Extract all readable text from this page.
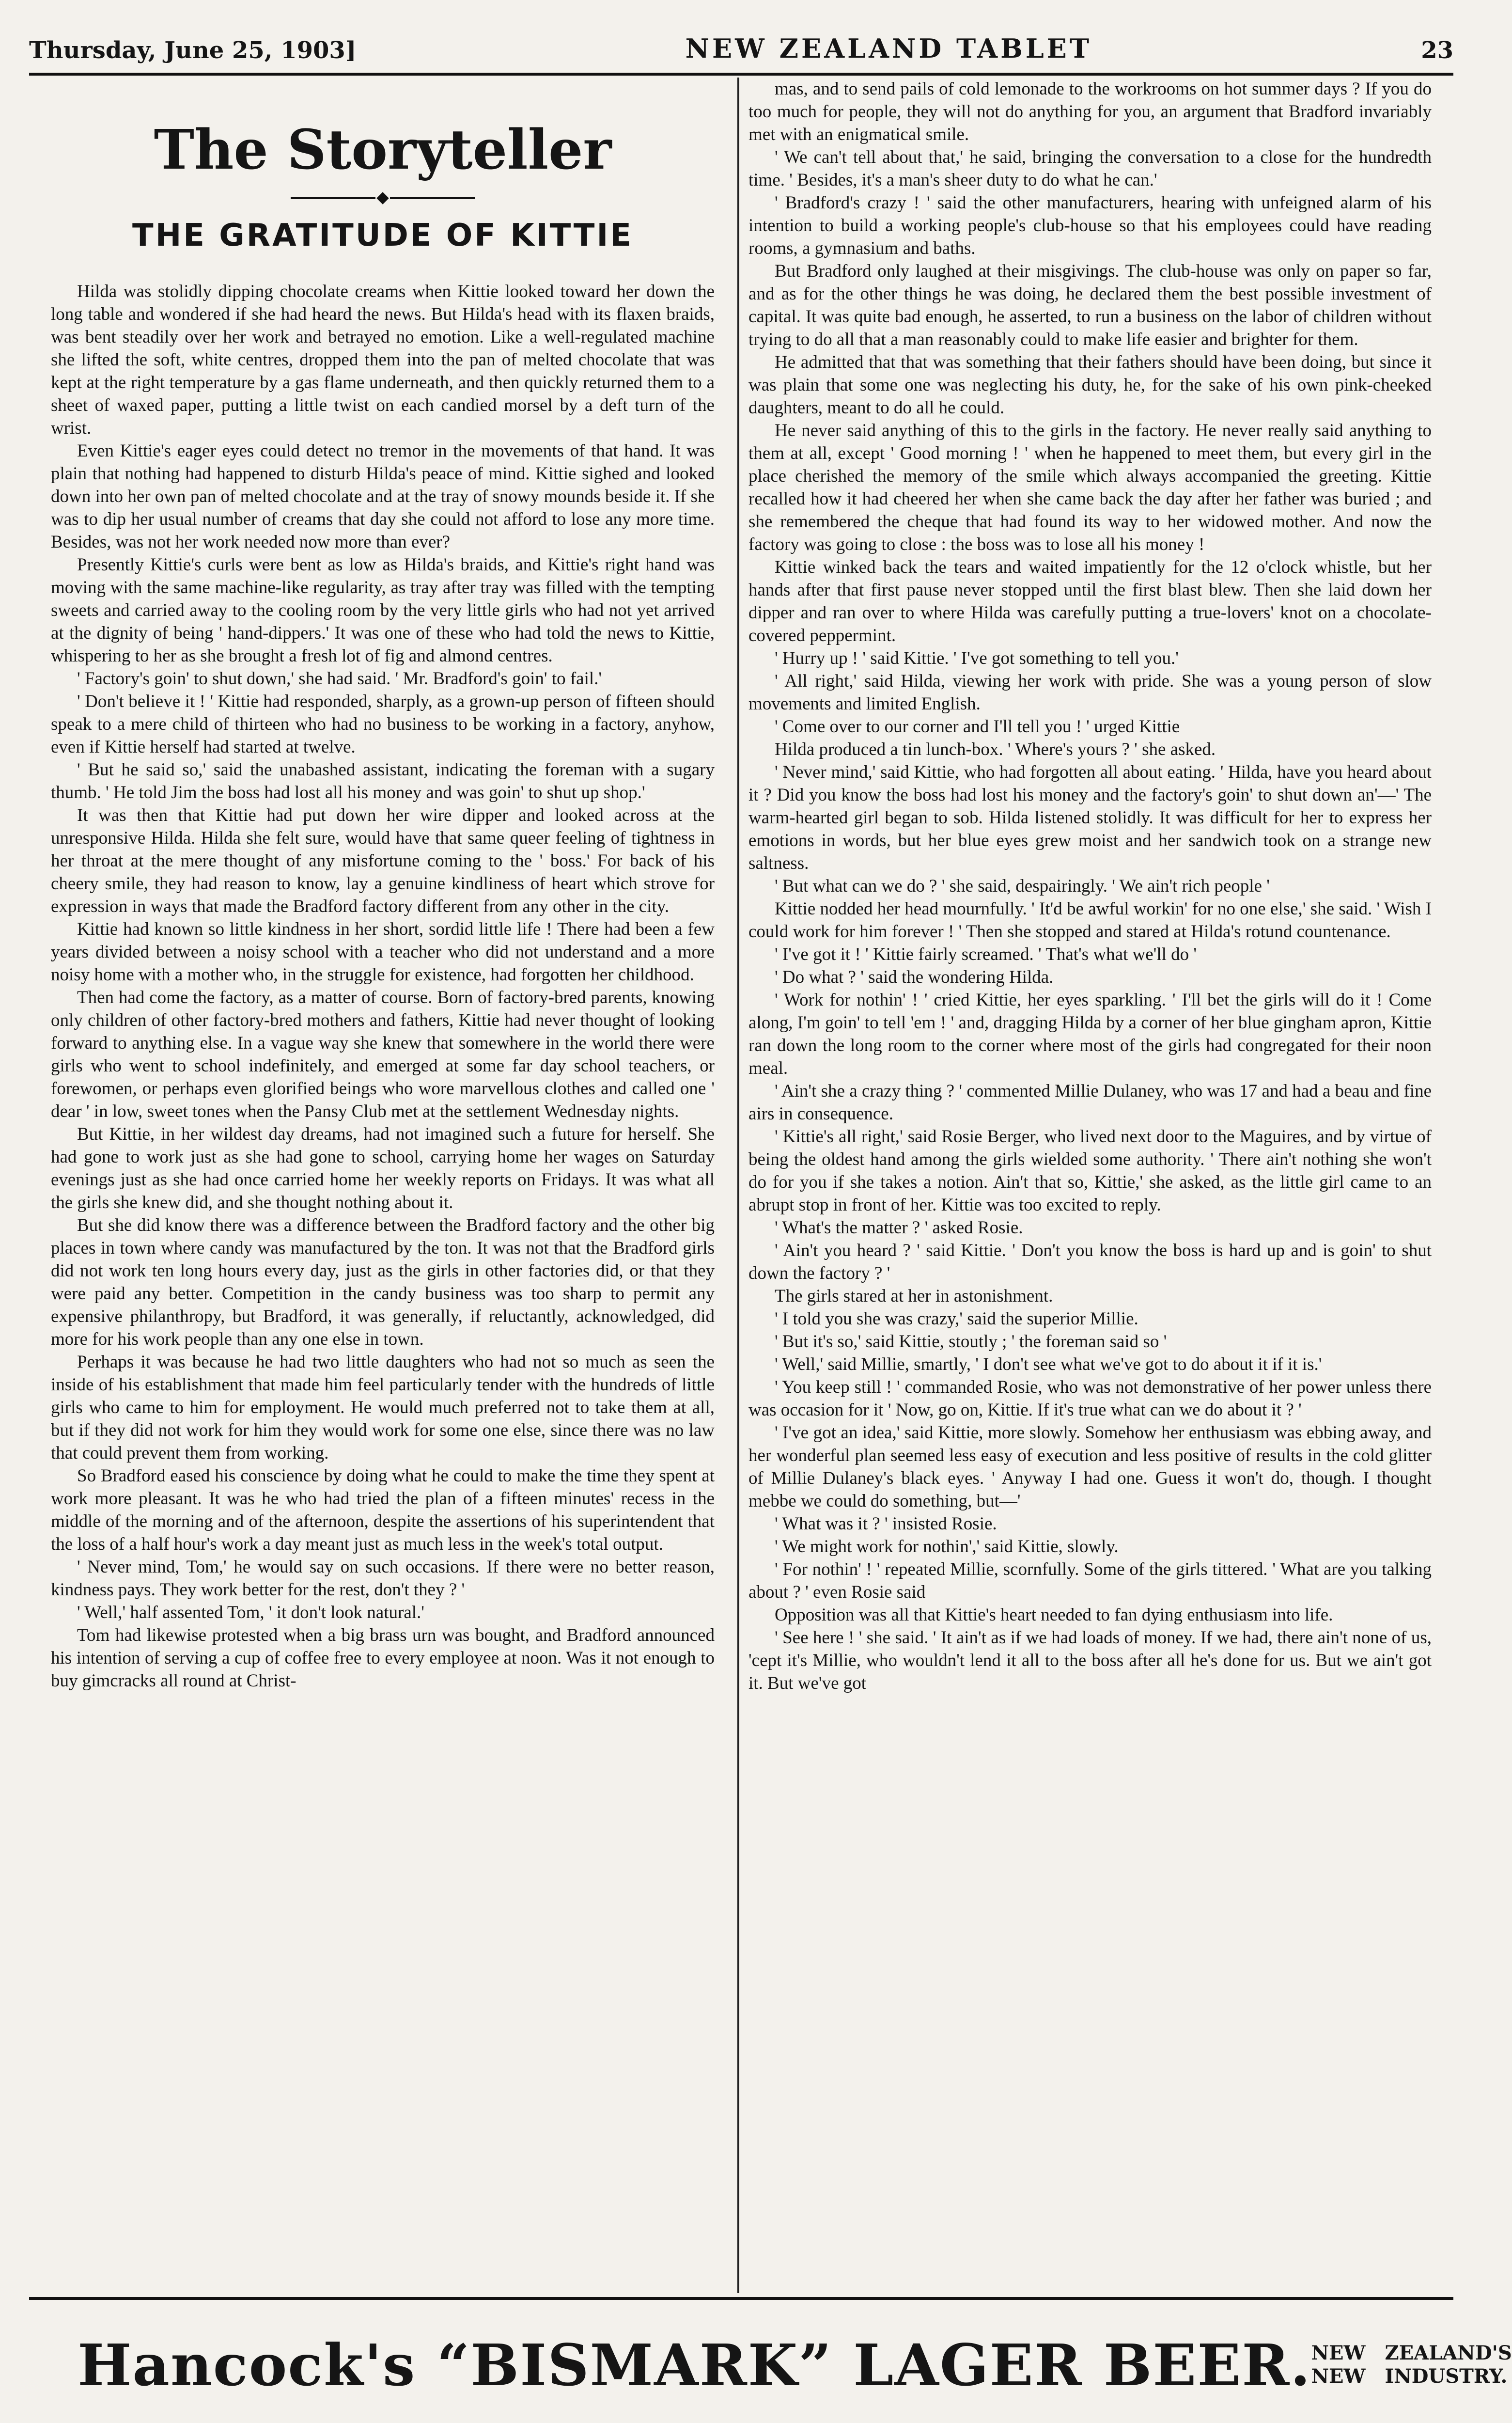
Thursday, June 25, 1903]	NEW ZEALAND TABLET	23
The Storyteller
THE GRATITUDE OF KITTIE

Hilda was stolidly dipping chocolate creams when Kittie looked toward her down the long table and wondered if she had heard the news. But Hilda's head with its flaxen braids, was bent steadily over her work and betrayed no emotion. Like a well-regulated machine she lifted the soft, white centres, dropped them into the pan of melted chocolate that was kept at the right temperature by a gas flame underneath, and then quickly returned them to a sheet of waxed paper, putting a little twist on each candied morsel by a deft turn of the wrist.

Even Kittie's eager eyes could detect no tremor in the movements of that hand. It was plain that nothing had happened to disturb Hilda's peace of mind. Kittie sighed and looked down into her own pan of melted chocolate and at the tray of snowy mounds beside it. If she was to dip her usual number of creams that day she could not afford to lose any more time. Besides, was not her work needed now more than ever?

Presently Kittie's curls were bent as low as Hilda's braids, and Kittie's right hand was moving with the same machine-like regularity, as tray after tray was filled with the tempting sweets and carried away to the cooling room by the very little girls who had not yet arrived at the dignity of being ' hand-dippers.' It was one of these who had told the news to Kittie, whispering to her as she brought a fresh lot of fig and almond centres.

' Factory's goin' to shut down,' she had said. ' Mr. Bradford's goin' to fail.'

' Don't believe it ! ' Kittie had responded, sharply, as a grown-up person of fifteen should speak to a mere child of thirteen who had no business to be working in a factory, anyhow, even if Kittie herself had started at twelve.

' But he said so,' said the unabashed assistant, indicating the foreman with a sugary thumb. ' He told Jim the boss had lost all his money and was goin' to shut up shop.'

It was then that Kittie had put down her wire dipper and looked across at the unresponsive Hilda. Hilda she felt sure, would have that same queer feeling of tightness in her throat at the mere thought of any misfortune coming to the ' boss.' For back of his cheery smile, they had reason to know, lay a genuine kindliness of heart which strove for expression in ways that made the Bradford factory different from any other in the city.

Kittie had known so little kindness in her short, sordid little life ! There had been a few years divided between a noisy school with a teacher who did not understand and a more noisy home with a mother who, in the struggle for existence, had forgotten her childhood.

Then had come the factory, as a matter of course. Born of factory-bred parents, knowing only children of other factory-bred mothers and fathers, Kittie had never thought of looking forward to anything else. In a vague way she knew that somewhere in the world there were girls who went to school indefinitely, and emerged at some far day school teachers, or forewomen, or perhaps even glorified beings who wore marvellous clothes and called one ' dear ' in low, sweet tones when the Pansy Club met at the settlement Wednesday nights.

But Kittie, in her wildest day dreams, had not imagined such a future for herself. She had gone to work just as she had gone to school, carrying home her wages on Saturday evenings just as she had once carried home her weekly reports on Fridays. It was what all the girls she knew did, and she thought nothing about it.

But she did know there was a difference between the Bradford factory and the other big places in town where candy was manufactured by the ton. It was not that the Bradford girls did not work ten long hours every day, just as the girls in other factories did, or that they were paid any better. Competition in the candy business was too sharp to permit any expensive philanthropy, but Bradford, it was generally, if reluctantly, acknowledged, did more for his work people than any one else in town.

Perhaps it was because he had two little daughters who had not so much as seen the inside of his establishment that made him feel particularly tender with the hundreds of little girls who came to him for employment. He would much preferred not to take them at all, but if they did not work for him they would work for some one else, since there was no law that could prevent them from working.

So Bradford eased his conscience by doing what he could to make the time they spent at work more pleasant. It was he who had tried the plan of a fifteen minutes' recess in the middle of the morning and of the afternoon, despite the assertions of his superintendent that the loss of a half hour's work a day meant just as much less in the week's total output.

' Never mind, Tom,' he would say on such occasions. If there were no better reason, kindness pays. They work better for the rest, don't they ? '

' Well,' half assented Tom, ' it don't look natural.'

Tom had likewise protested when a big brass urn was bought, and Bradford announced his intention of serving a cup of coffee free to every employee at noon. Was it not enough to buy gimcracks all round at Christ-

mas, and to send pails of cold lemonade to the workrooms on hot summer days ? If you do too much for people, they will not do anything for you, an argument that Bradford invariably met with an enigmatical smile.

' We can't tell about that,' he said, bringing the conversation to a close for the hundredth time. ' Besides, it's a man's sheer duty to do what he can.'

' Bradford's crazy ! ' said the other manufacturers, hearing with unfeigned alarm of his intention to build a working people's club-house so that his employees could have reading rooms, a gymnasium and baths.

But Bradford only laughed at their misgivings. The club-house was only on paper so far, and as for the other things he was doing, he declared them the best possible investment of capital. It was quite bad enough, he asserted, to run a business on the labor of children without trying to do all that a man reasonably could to make life easier and brighter for them.

He admitted that that was something that their fathers should have been doing, but since it was plain that some one was neglecting his duty, he, for the sake of his own pink-cheeked daughters, meant to do all he could.

He never said anything of this to the girls in the factory. He never really said anything to them at all, except ' Good morning ! ' when he happened to meet them, but every girl in the place cherished the memory of the smile which always accompanied the greeting. Kittie recalled how it had cheered her when she came back the day after her father was buried ; and she remembered the cheque that had found its way to her widowed mother. And now the factory was going to close : the boss was to lose all his money !

Kittie winked back the tears and waited impatiently for the 12 o'clock whistle, but her hands after that first pause never stopped until the first blast blew. Then she laid down her dipper and ran over to where Hilda was carefully putting a true-lovers' knot on a chocolate-covered peppermint.

' Hurry up ! ' said Kittie. ' I've got something to tell you.'

' All right,' said Hilda, viewing her work with pride. She was a young person of slow movements and limited English.

' Come over to our corner and I'll tell you ! ' urged Kittie

Hilda produced a tin lunch-box. ' Where's yours ? ' she asked.

' Never mind,' said Kittie, who had forgotten all about eating. ' Hilda, have you heard about it ? Did you know the boss had lost his money and the factory's goin' to shut down an'—' The warm-hearted girl began to sob. Hilda listened stolidly. It was difficult for her to express her emotions in words, but her blue eyes grew moist and her sandwich took on a strange new saltness.

' But what can we do ? ' she said, despairingly. ' We ain't rich people '

Kittie nodded her head mournfully. ' It'd be awful workin' for no one else,' she said. ' Wish I could work for him forever ! ' Then she stopped and stared at Hilda's rotund countenance.

' I've got it ! ' Kittie fairly screamed. ' That's what we'll do '

' Do what ? ' said the wondering Hilda.

' Work for nothin' ! ' cried Kittie, her eyes sparkling. ' I'll bet the girls will do it ! Come along, I'm goin' to tell 'em ! ' and, dragging Hilda by a corner of her blue gingham apron, Kittie ran down the long room to the corner where most of the girls had congregated for their noon meal.

' Ain't she a crazy thing ? ' commented Millie Dulaney, who was 17 and had a beau and fine airs in consequence.

' Kittie's all right,' said Rosie Berger, who lived next door to the Maguires, and by virtue of being the oldest hand among the girls wielded some authority. ' There ain't nothing she won't do for you if she takes a notion. Ain't that so, Kittie,' she asked, as the little girl came to an abrupt stop in front of her. Kittie was too excited to reply.

' What's the matter ? ' asked Rosie.

' Ain't you heard ? ' said Kittie. ' Don't you know the boss is hard up and is goin' to shut down the factory ? '

The girls stared at her in astonishment.

' I told you she was crazy,' said the superior Millie.

' But it's so,' said Kittie, stoutly ; ' the foreman said so '

' Well,' said Millie, smartly, ' I don't see what we've got to do about it if it is.'

' You keep still ! ' commanded Rosie, who was not demonstrative of her power unless there was occasion for it ' Now, go on, Kittie. If it's true what can we do about it ? '

' I've got an idea,' said Kittie, more slowly. Somehow her enthusiasm was ebbing away, and her wonderful plan seemed less easy of execution and less positive of results in the cold glitter of Millie Dulaney's black eyes. ' Anyway I had one. Guess it won't do, though. I thought mebbe we could do something, but—'

' What was it ? ' insisted Rosie.

' We might work for nothin',' said Kittie, slowly.

' For nothin' ! ' repeated Millie, scornfully. Some of the girls tittered. ' What are you talking about ? ' even Rosie said

Opposition was all that Kittie's heart needed to fan dying enthusiasm into life.

' See here ! ' she said. ' It ain't as if we had loads of money. If we had, there ain't none of us, 'cept it's Millie, who wouldn't lend it all to the boss after all he's done for us. But we ain't got it. But we've got

Hancock's “BISMARK” LAGER BEER. NEW ZEALAND'S
NEW INDUSTRY.
